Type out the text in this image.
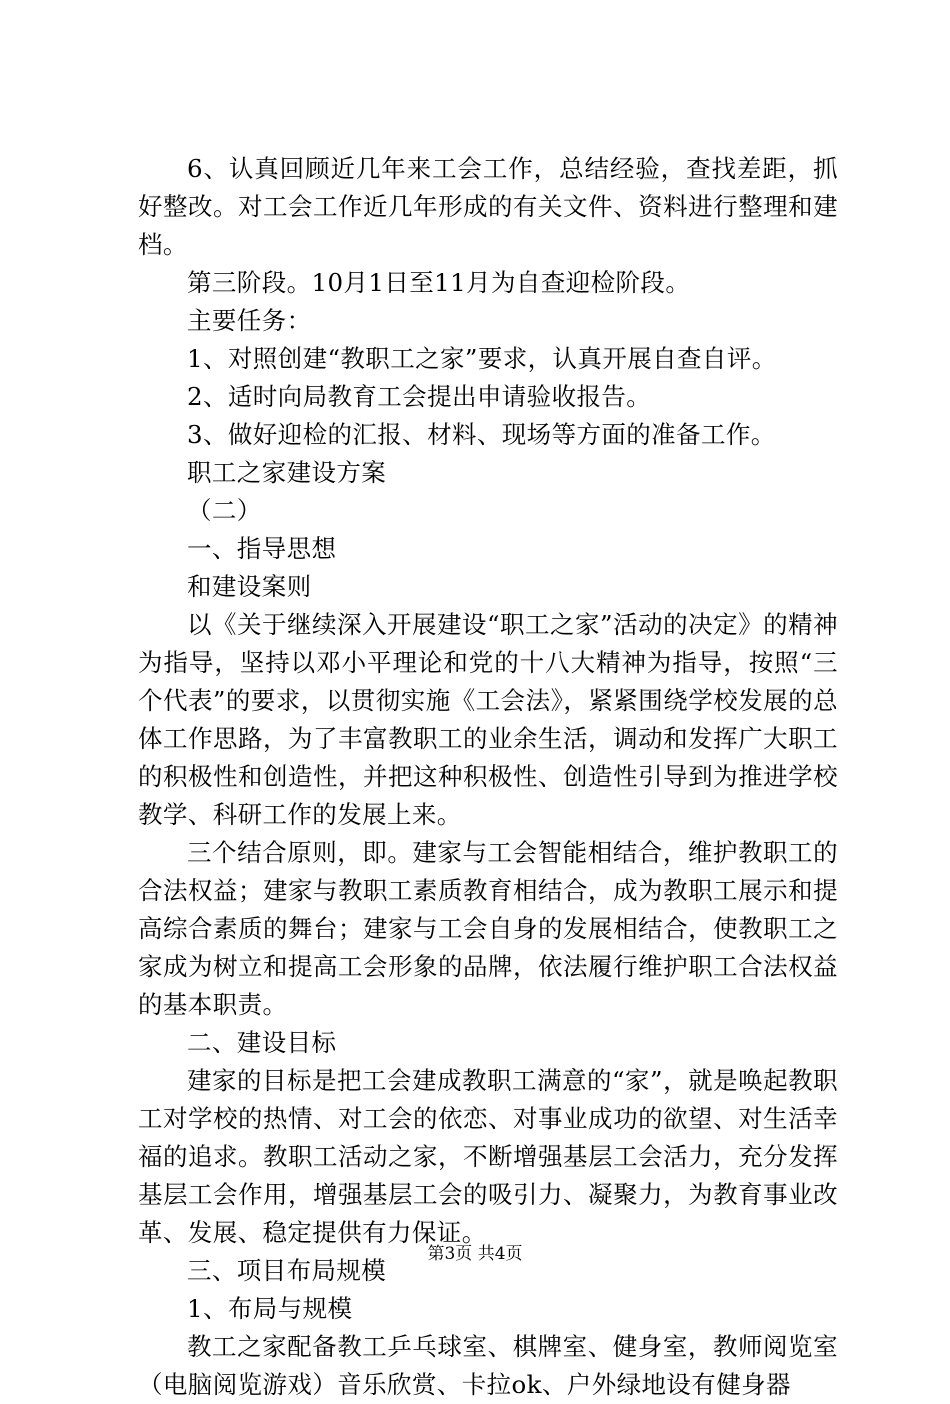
6、认真回顾近几年来工会工作，总结经验，查找差距，抓好整改。对工会工作近几年形成的有关文件、资料进行整理和建档。

第三阶段。10月1日至11月为自查迎检阶段。

主要任务：

1、对照创建“教职工之家”要求，认真开展自查自评。

2、适时向局教育工会提出申请验收报告。

3、做好迎检的汇报、材料、现场等方面的准备工作。

职工之家建设方案

（二）

一、指导思想

和建设案则

以《关于继续深入开展建设“职工之家”活动的决定》的精神为指导，坚持以邓小平理论和党的十八大精神为指导，按照“三个代表”的要求，以贯彻实施《工会法》，紧紧围绕学校发展的总体工作思路，为了丰富教职工的业余生活，调动和发挥广大职工的积极性和创造性，并把这种积极性、创造性引导到为推进学校教学、科研工作的发展上来。

三个结合原则，即。建家与工会智能相结合，维护教职工的合法权益；建家与教职工素质教育相结合，成为教职工展示和提高综合素质的舞台；建家与工会自身的发展相结合，使教职工之家成为树立和提高工会形象的品牌，依法履行维护职工合法权益的基本职责。

二、建设目标

建家的目标是把工会建成教职工满意的“家”，就是唤起教职工对学校的热情、对工会的依恋、对事业成功的欲望、对生活幸福的追求。教职工活动之家，不断增强基层工会活力，充分发挥基层工会作用，增强基层工会的吸引力、凝聚力，为教育事业改革、发展、稳定提供有力保证。

三、项目布局规模

1、布局与规模

教工之家配备教工乒乓球室、棋牌室、健身室，教师阅览室（电脑阅览游戏）音乐欣赏、卡拉ok、户外绿地设有健身器

第3页 共4页
